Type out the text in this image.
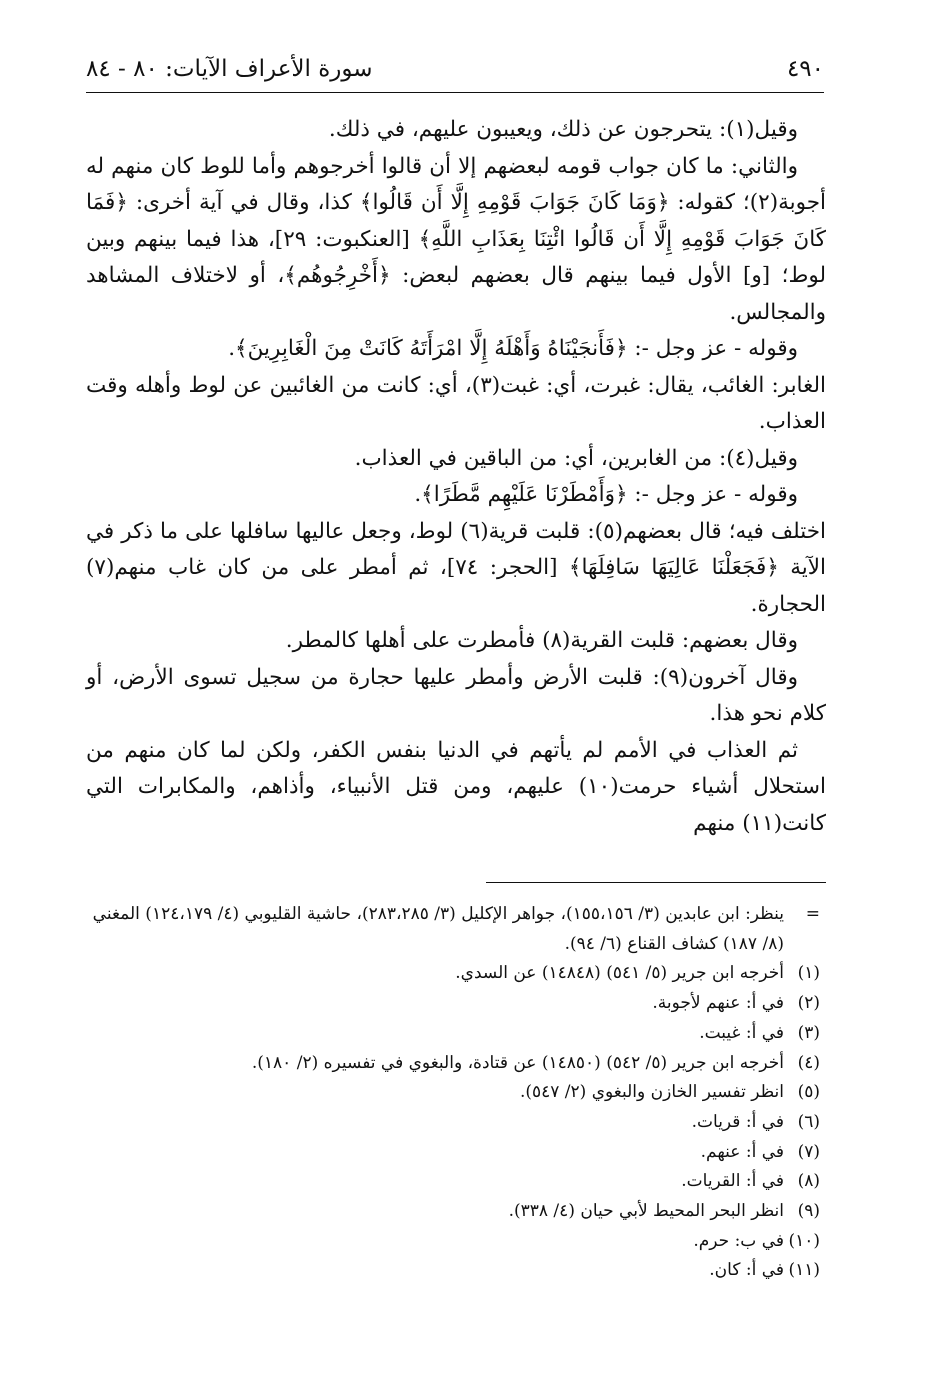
٤٩٠
سورة الأعراف الآيات: ٨٠ - ٨٤

وقيل(١): يتحرجون عن ذلك، ويعيبون عليهم، في ذلك.

والثاني: ما كان جواب قومه لبعضهم إلا أن قالوا أخرجوهم وأما للوط كان منهم له أجوبة(٢)؛ كقوله: ﴿وَمَا كَانَ جَوَابَ قَوْمِهِ إِلَّا أَن قَالُوا﴾ كذا، وقال في آية أخرى: ﴿فَمَا كَانَ جَوَابَ قَوْمِهِ إِلَّا أَن قَالُوا ائْتِنَا بِعَذَابِ اللَّهِ﴾ [العنكبوت: ٢٩]، هذا فيما بينهم وبين لوط؛ [و] الأول فيما بينهم قال بعضهم لبعض: ﴿أَخْرِجُوهُم﴾، أو لاختلاف المشاهد والمجالس.

وقوله - عز وجل -: ﴿فَأَنجَيْنَاهُ وَأَهْلَهُ إِلَّا امْرَأَتَهُ كَانَتْ مِنَ الْغَابِرِينَ﴾.

الغابر: الغائب، يقال: غبرت، أي: غبت(٣)، أي: كانت من الغائبين عن لوط وأهله وقت العذاب.

وقيل(٤): من الغابرين، أي: من الباقين في العذاب.

وقوله - عز وجل -: ﴿وَأَمْطَرْنَا عَلَيْهِم مَّطَرًا﴾.

اختلف فيه؛ قال بعضهم(٥): قلبت قرية(٦) لوط، وجعل عاليها سافلها على ما ذكر في الآية ﴿فَجَعَلْنَا عَالِيَهَا سَافِلَهَا﴾ [الحجر: ٧٤]، ثم أمطر على من كان غاب منهم(٧) الحجارة.

وقال بعضهم: قلبت القرية(٨) فأمطرت على أهلها كالمطر.

وقال آخرون(٩): قلبت الأرض وأمطر عليها حجارة من سجيل تسوى الأرض، أو كلام نحو هذا.

ثم العذاب في الأمم لم يأتهم في الدنيا بنفس الكفر، ولكن لما كان منهم من استحلال أشياء حرمت(١٠) عليهم، ومن قتل الأنبياء، وأذاهم، والمكابرات التي كانت(١١) منهم

=
ينظر: ابن عابدين (٣/ ١٥٥،١٥٦)، جواهر الإكليل (٣/ ٢٨٣،٢٨٥)، حاشية القليوبي (٤/ ١٢٤،١٧٩) المغني (٨/ ١٨٧) كشاف القناع (٦/ ٩٤).
(١)
أخرجه ابن جرير (٥/ ٥٤١) (١٤٨٤٨) عن السدي.
(٢)
في أ: عنهم لأجوبة.
(٣)
في أ: غيبت.
(٤)
أخرجه ابن جرير (٥/ ٥٤٢) (١٤٨٥٠) عن قتادة، والبغوي في تفسيره (٢/ ١٨٠).
(٥)
انظر تفسير الخازن والبغوي (٢/ ٥٤٧).
(٦)
في أ: قريات.
(٧)
في أ: عنهم.
(٨)
في أ: القريات.
(٩)
انظر البحر المحيط لأبي حيان (٤/ ٣٣٨).
(١٠)
في ب: حرم.
(١١)
في أ: كان.
